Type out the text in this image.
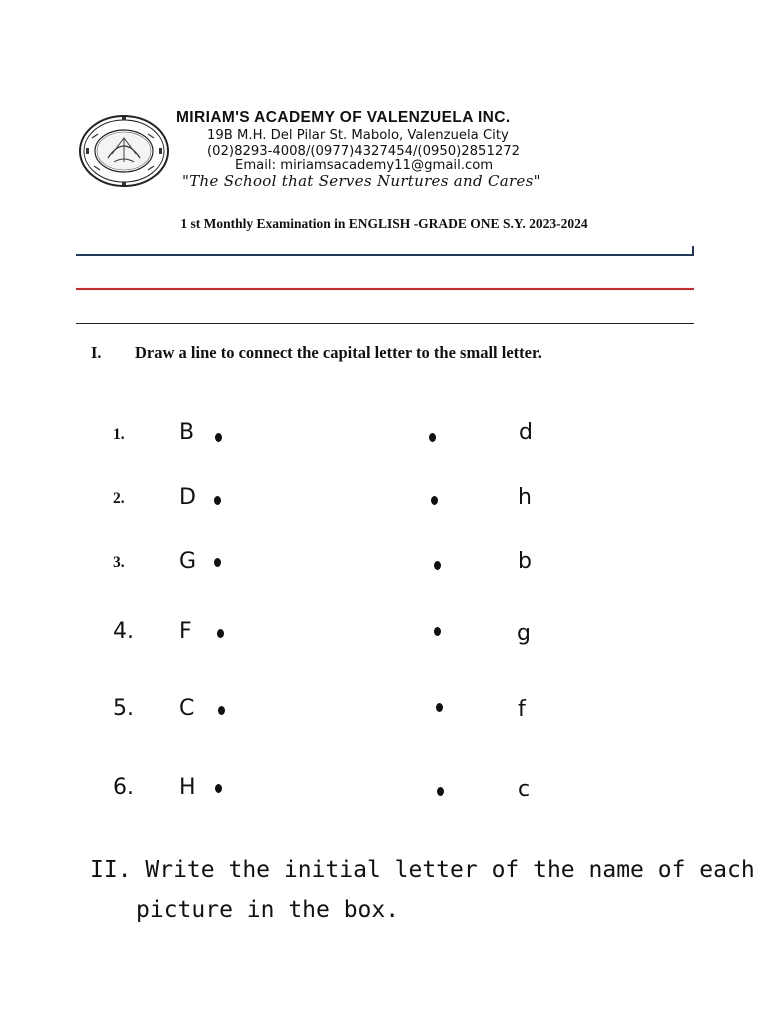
MIRIAM'S ACADEMY OF VALENZUELA INC.
19B M.H. Del Pilar St. Mabolo, Valenzuela City
(02)8293-4008/(0977)4327454/(0950)2851272
Email: miriamsacademy11@gmail.com
"The School that Serves Nurtures and Cares"
1 st Monthly Examination in ENGLISH -GRADE ONE S.Y. 2023-2024
I. Draw a line to connect the capital letter to the small letter.
1. B	d
2. D	h
3. G	b
4. F	g
5. C	f
6. H	c
II. Write the initial letter of the name of each
picture in the box.
